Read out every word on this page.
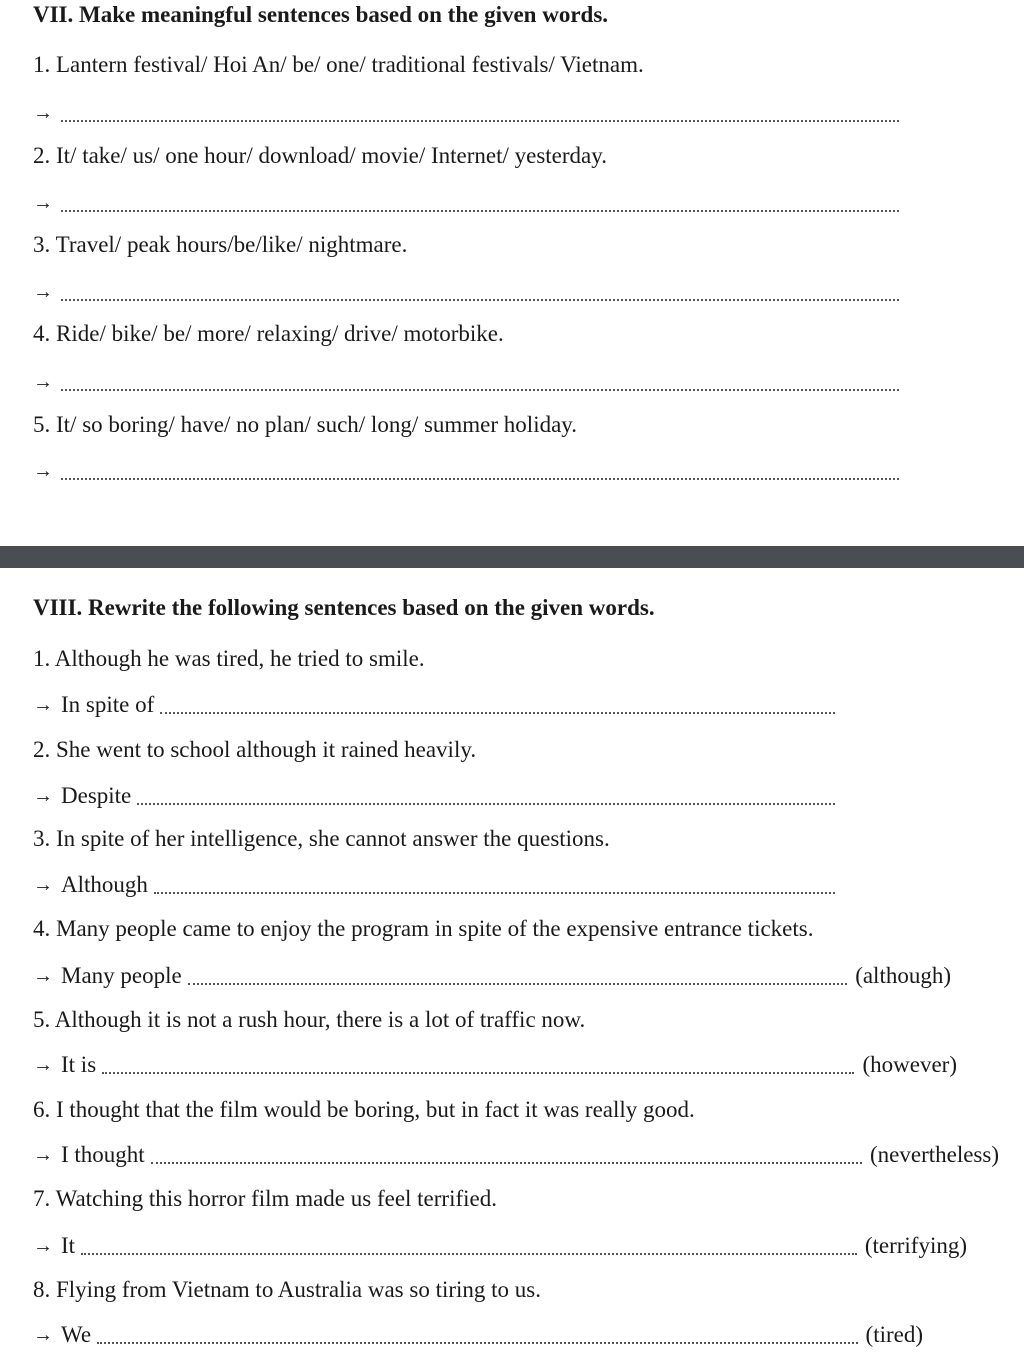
VII. Make meaningful sentences based on the given words.
1. Lantern festival/ Hoi An/ be/ one/ traditional festivals/ Vietnam.
→
2. It/ take/ us/ one hour/ download/ movie/ Internet/ yesterday.
→
3. Travel/ peak hours/be/like/ nightmare.
→
4. Ride/ bike/ be/ more/ relaxing/ drive/ motorbike.
→
5. It/ so boring/ have/ no plan/ such/ long/ summer holiday.
→
VIII. Rewrite the following sentences based on the given words.
1. Although he was tired, he tried to smile.
→ In spite of
2. She went to school although it rained heavily.
→ Despite
3. In spite of her intelligence, she cannot answer the questions.
→ Although
4. Many people came to enjoy the program in spite of the expensive entrance tickets.
→ Many people	(although)
5. Although it is not a rush hour, there is a lot of traffic now.
→ It is	(however)
6. I thought that the film would be boring, but in fact it was really good.
→ I thought	(nevertheless)
7. Watching this horror film made us feel terrified.
→ It	(terrifying)
8. Flying from Vietnam to Australia was so tiring to us.
→ We	(tired)
